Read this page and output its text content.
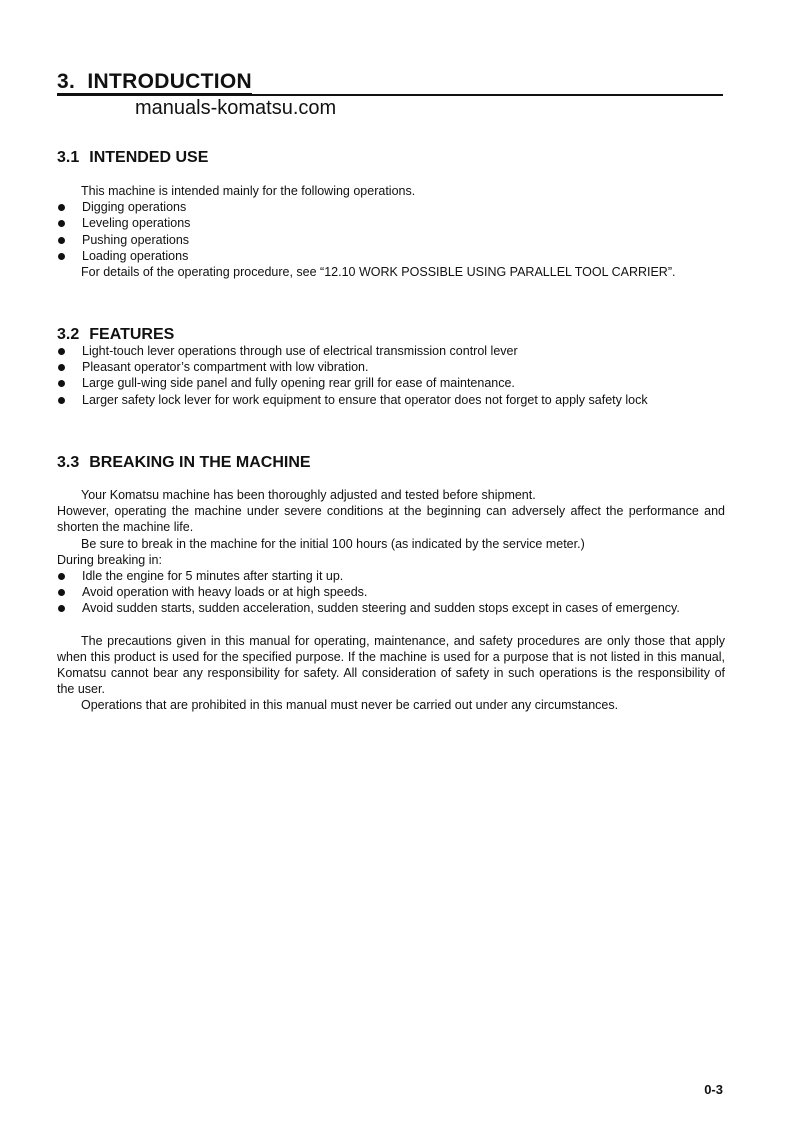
3. INTRODUCTION
manuals-komatsu.com
3.1 INTENDED USE
This machine is intended mainly for the following operations.
Digging operations
Leveling operations
Pushing operations
Loading operations
For details of the operating procedure, see “12.10 WORK POSSIBLE USING PARALLEL TOOL CARRIER”.
3.2 FEATURES
Light-touch lever operations through use of electrical transmission control lever
Pleasant operator’s compartment with low vibration.
Large gull-wing side panel and fully opening rear grill for ease of maintenance.
Larger safety lock lever for work equipment to ensure that operator does not forget to apply safety lock
3.3 BREAKING IN THE MACHINE
Your Komatsu machine has been thoroughly adjusted and tested before shipment.
However, operating the machine under severe conditions at the beginning can adversely affect the performance and shorten the machine life.
Be sure to break in the machine for the initial 100 hours (as indicated by the service meter.)
During breaking in:
Idle the engine for 5 minutes after starting it up.
Avoid operation with heavy loads or at high speeds.
Avoid sudden starts, sudden acceleration, sudden steering and sudden stops except in cases of emergency.
The precautions given in this manual for operating, maintenance, and safety procedures are only those that apply when this product is used for the specified purpose. If the machine is used for a purpose that is not listed in this manual, Komatsu cannot bear any responsibility for safety. All consideration of safety in such operations is the responsibility of the user.
Operations that are prohibited in this manual must never be carried out under any circumstances.
0-3
